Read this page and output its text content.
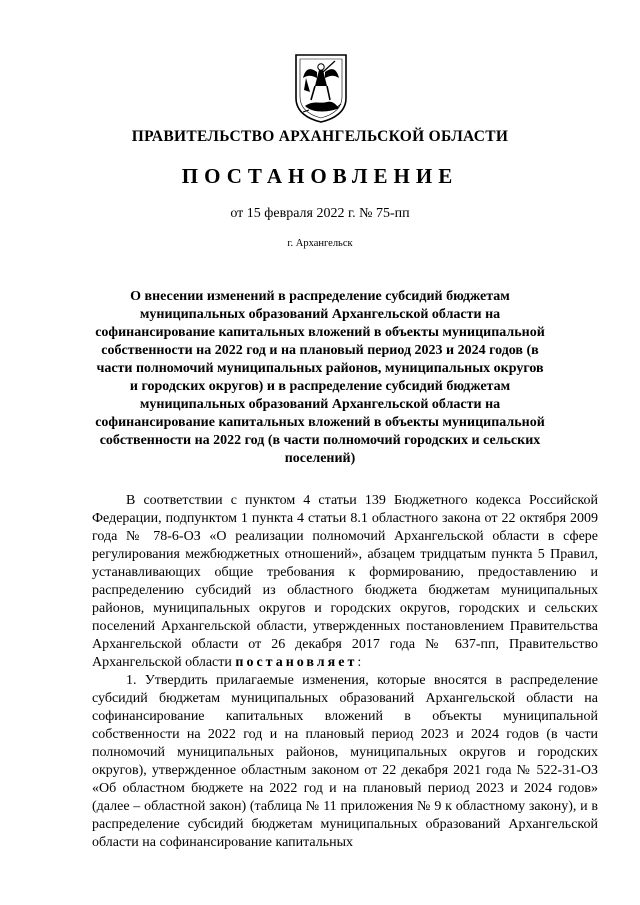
ПРАВИТЕЛЬСТВО АРХАНГЕЛЬСКОЙ ОБЛАСТИ
ПОСТАНОВЛЕНИЕ
от 15 февраля 2022 г. № 75-пп
г. Архангельск
О внесении изменений в распределение субсидий бюджетам муниципальных образований Архангельской области на софинансирование капитальных вложений в объекты муниципальной собственности на 2022 год и на плановый период 2023 и 2024 годов (в части полномочий муниципальных районов, муниципальных округов и городских округов) и в распределение субсидий бюджетам муниципальных образований Архангельской области на софинансирование капитальных вложений в объекты муниципальной собственности на 2022 год (в части полномочий городских и сельских поселений)

В соответствии с пунктом 4 статьи 139 Бюджетного кодекса Российской Федерации, подпунктом 1 пункта 4 статьи 8.1 областного закона от 22 октября 2009 года № 78-6-ОЗ «О реализации полномочий Архангельской области в сфере регулирования межбюджетных отношений», абзацем тридцатым пункта 5 Правил, устанавливающих общие требования к формированию, предоставлению и распределению субсидий из областного бюджета бюджетам муниципальных районов, муниципальных округов и городских округов, городских и сельских поселений Архангельской области, утвержденных постановлением Правительства Архангельской области от 26 декабря 2017 года № 637-пп, Правительство Архангельской области постановляет:

1. Утвердить прилагаемые изменения, которые вносятся в распределение субсидий бюджетам муниципальных образований Архангельской области на софинансирование капитальных вложений в объекты муниципальной собственности на 2022 год и на плановый период 2023 и 2024 годов (в части полномочий муниципальных районов, муниципальных округов и городских округов), утвержденное областным законом от 22 декабря 2021 года № 522-31-ОЗ «Об областном бюджете на 2022 год и на плановый период 2023 и 2024 годов» (далее – областной закон) (таблица № 11 приложения № 9 к областному закону), и в распределение субсидий бюджетам муниципальных образований Архангельской области на софинансирование капитальных
